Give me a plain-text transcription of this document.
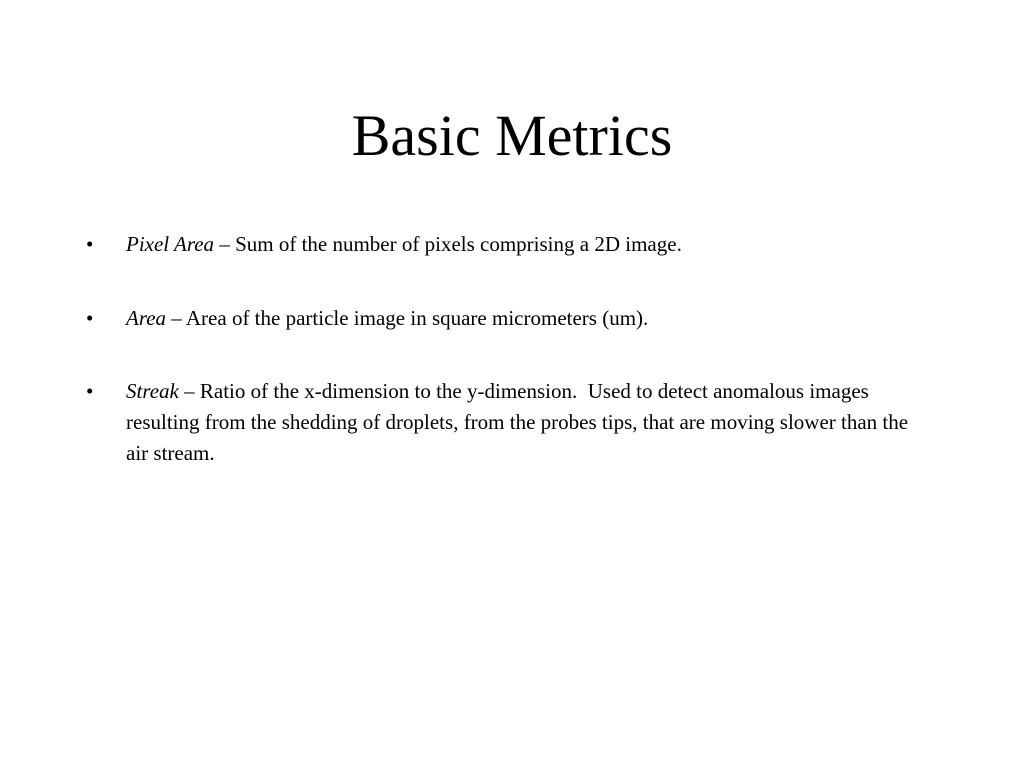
Basic Metrics
•	Pixel Area – Sum of the number of pixels comprising a 2D image.
•	Area – Area of the particle image in square micrometers (um).
•	Streak – Ratio of the x-dimension to the y-dimension.  Used to detect anomalous images resulting from the shedding of droplets, from the probes tips, that are moving slower than the air stream.
